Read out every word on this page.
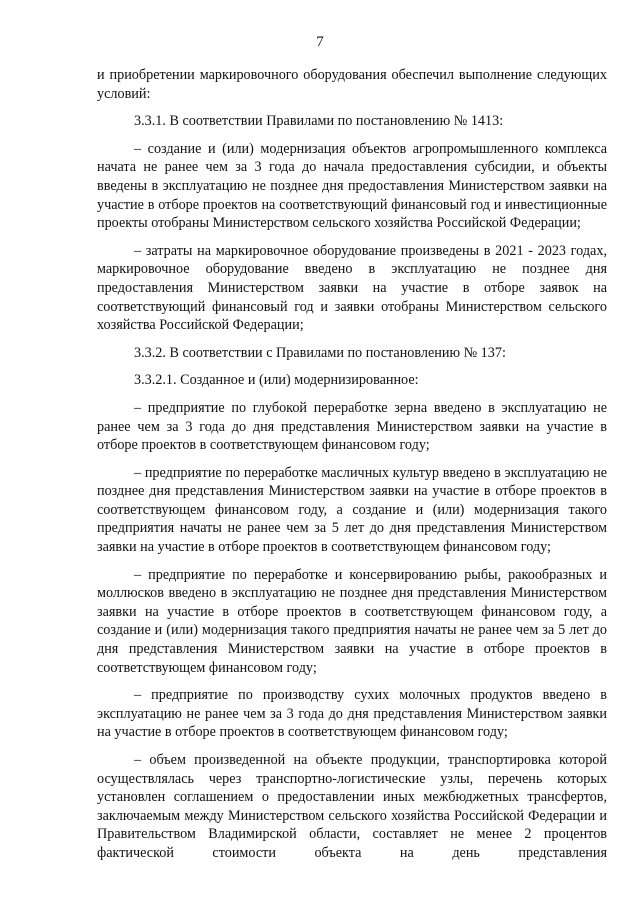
7

и приобретении маркировочного оборудования обеспечил выполнение следующих условий:

3.3.1. В соответствии Правилами по постановлению № 1413:

– создание и (или) модернизация объектов агропромышленного комплекса начата не ранее чем за 3 года до начала предоставления субсидии, и объекты введены в эксплуатацию не позднее дня предоставления Министерством заявки на участие в отборе проектов на соответствующий финансовый год и инвестиционные проекты отобраны Министерством сельского хозяйства Российской Федерации;

– затраты на маркировочное оборудование произведены в 2021 - 2023 годах, маркировочное оборудование введено в эксплуатацию не позднее дня предоставления Министерством заявки на участие в отборе заявок на соответствующий финансовый год и заявки отобраны Министерством сельского хозяйства Российской Федерации;

3.3.2. В соответствии с Правилами по постановлению № 137:

3.3.2.1. Созданное и (или) модернизированное:

– предприятие по глубокой переработке зерна введено в эксплуатацию не ранее чем за 3 года до дня представления Министерством заявки на участие в отборе проектов в соответствующем финансовом году;

– предприятие по переработке масличных культур введено в эксплуатацию не позднее дня представления Министерством заявки на участие в отборе проектов в соответствующем финансовом году, а создание и (или) модернизация такого предприятия начаты не ранее чем за 5 лет до дня представления Министерством заявки на участие в отборе проектов в соответствующем финансовом году;

– предприятие по переработке и консервированию рыбы, ракообразных и моллюсков введено в эксплуатацию не позднее дня представления Министерством заявки на участие в отборе проектов в соответствующем финансовом году, а создание и (или) модернизация такого предприятия начаты не ранее чем за 5 лет до дня представления Министерством заявки на участие в отборе проектов в соответствующем финансовом году;

– предприятие по производству сухих молочных продуктов введено в эксплуатацию не ранее чем за 3 года до дня представления Министерством заявки на участие в отборе проектов в соответствующем финансовом году;

– объем произведенной на объекте продукции, транспортировка которой осуществлялась через транспортно-логистические узлы, перечень которых установлен соглашением о предоставлении иных межбюджетных трансфертов, заключаемым между Министерством сельского хозяйства Российской Федерации и Правительством Владимирской области, составляет не менее 2 процентов фактической стоимости объекта на день представления
